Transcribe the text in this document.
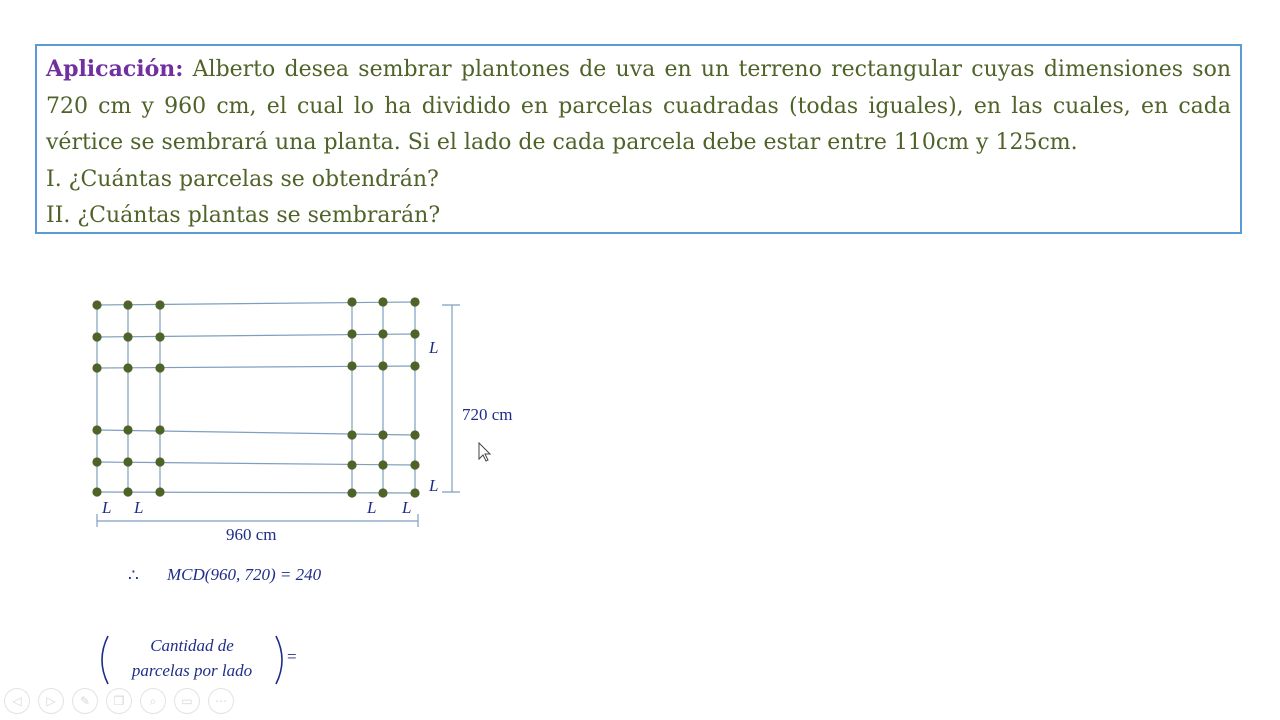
Aplicación: Alberto desea sembrar plantones de uva en un terreno rectangular cuyas dimensiones son

720 cm y 960 cm, el cual lo ha dividido en parcelas cuadradas (todas iguales), en las cuales, en cada

vértice se sembrará una planta. Si el lado de cada parcela debe estar entre 110cm y 125cm.

I. ¿Cuántas parcelas se obtendrán?

II. ¿Cuántas plantas se sembrarán?

L
L
L L	L L
720 cm
960 cm
∴ MCD(960, 720) = 240
Cantidad de
parcelas por lado
=
◁	▷	✎	❐	⌕	▭	⋯
